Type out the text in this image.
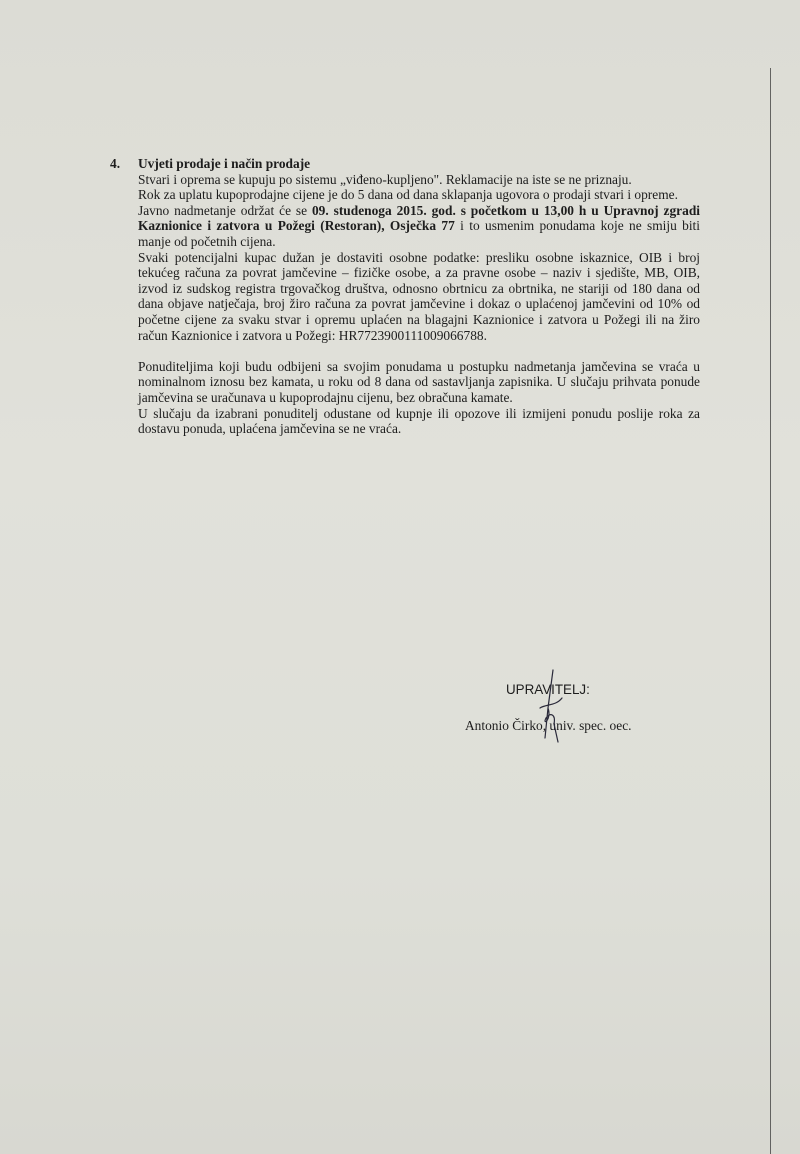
4.	Uvjeti prodaje i način prodaje

Stvari i oprema se kupuju po sistemu „viđeno-kupljeno". Reklamacije na iste se ne priznaju.

Rok za uplatu kupoprodajne cijene je do 5 dana od dana sklapanja ugovora o prodaji stvari i opreme.

Javno nadmetanje održat će se 09. studenoga 2015. god. s početkom u 13,00 h u Upravnoj zgradi Kaznionice i zatvora u Požegi (Restoran), Osječka 77 i to usmenim ponudama koje ne smiju biti manje od početnih cijena.

Svaki potencijalni kupac dužan je dostaviti osobne podatke: presliku osobne iskaznice, OIB i broj tekućeg računa za povrat jamčevine – fizičke osobe, a za pravne osobe – naziv i sjedište, MB, OIB, izvod iz sudskog registra trgovačkog društva, odnosno obrtnicu za obrtnika, ne stariji od 180 dana od dana objave natječaja, broj žiro računa za povrat jamčevine i dokaz o uplaćenoj jamčevini od 10% od početne cijene za svaku stvar i opremu uplaćen na blagajni Kaznionice i zatvora u Požegi ili na žiro račun Kaznionice i zatvora u Požegi: HR7723900111009066788.

Ponuditeljima koji budu odbijeni sa svojim ponudama u postupku nadmetanja jamčevina se vraća u nominalnom iznosu bez kamata, u roku od 8 dana od sastavljanja zapisnika. U slučaju prihvata ponude jamčevina se uračunava u kupoprodajnu cijenu, bez obračuna kamate.

U slučaju da izabrani ponuditelj odustane od kupnje ili opozove ili izmijeni ponudu poslije roka za dostavu ponuda, uplaćena jamčevina se ne vraća.

UPRAVITELJ:
Antonio Čirko, univ. spec. oec.
